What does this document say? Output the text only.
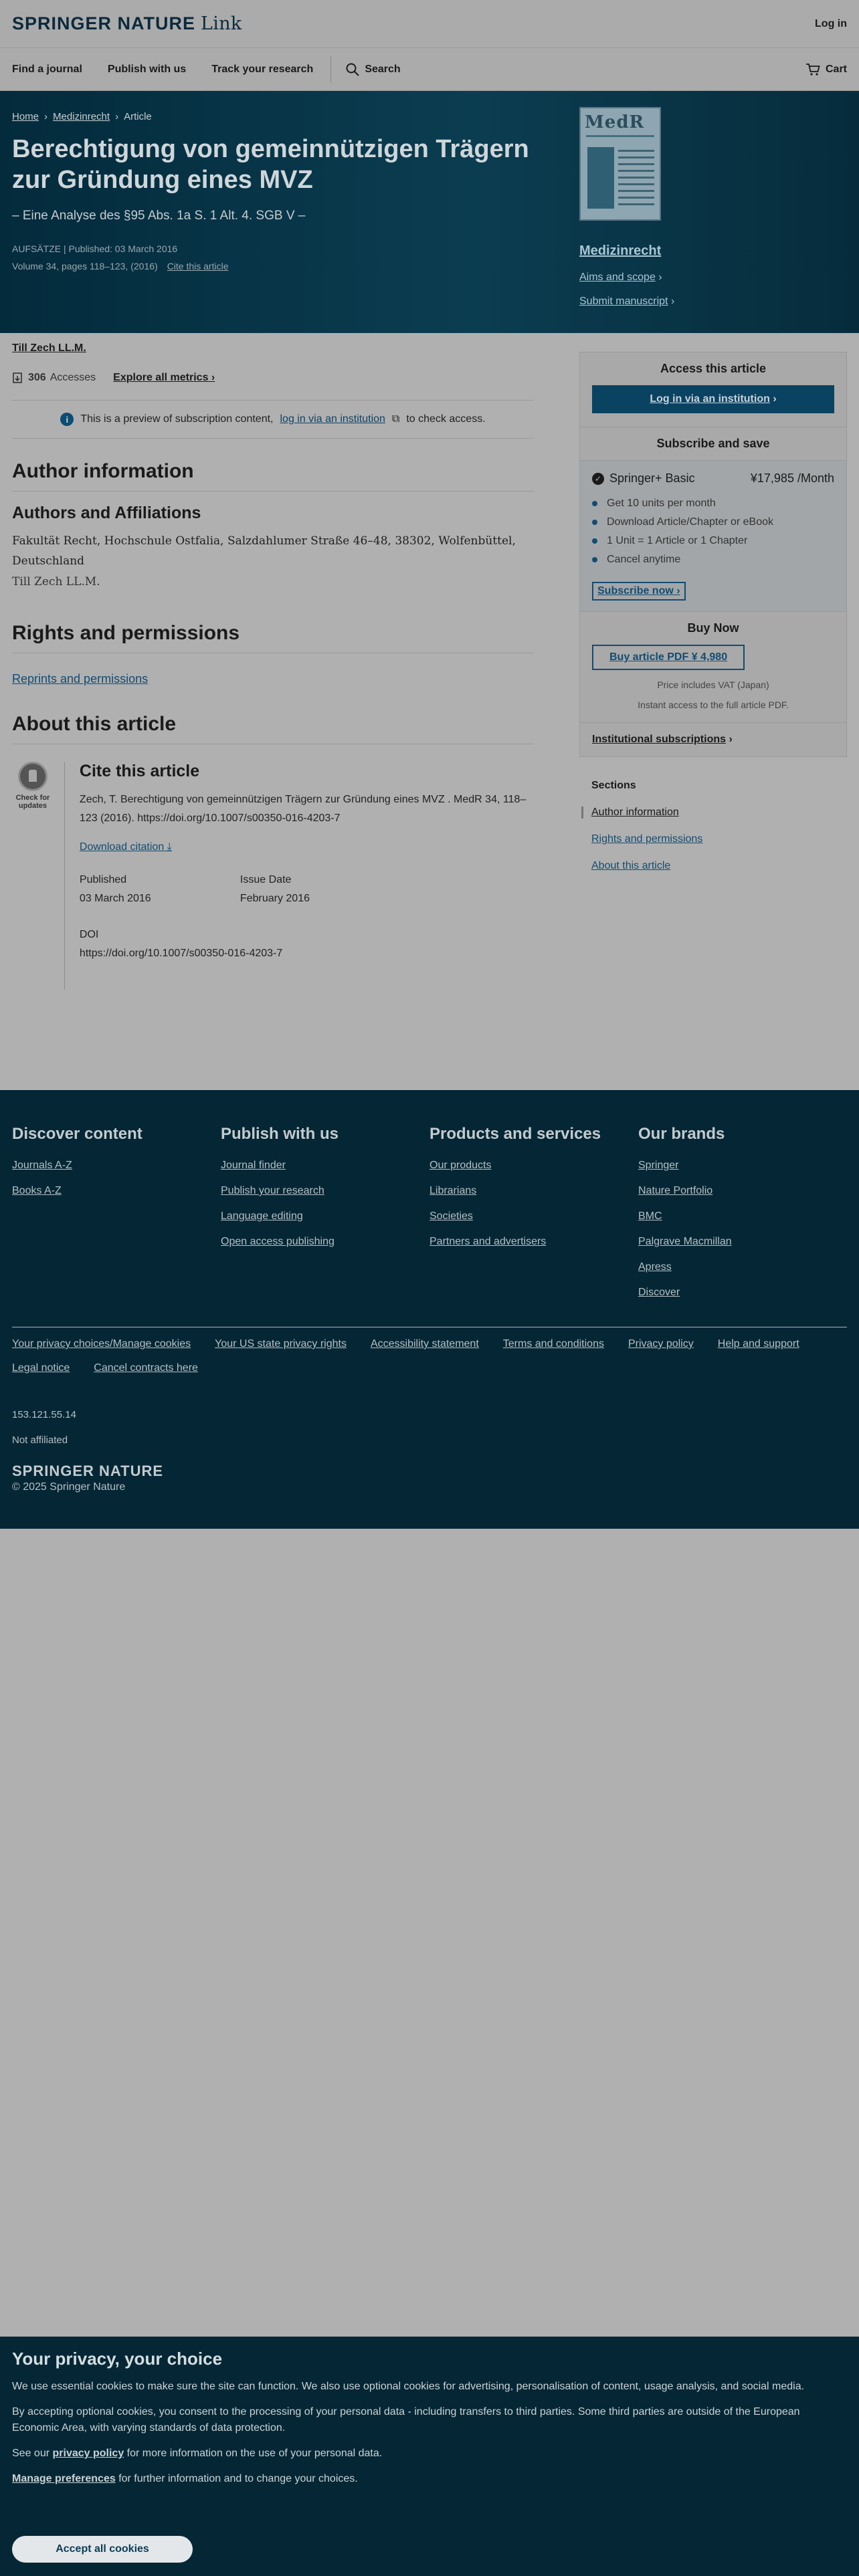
SPRINGER NATURE Link	Log in
Find a journal Publish with us Track your research	Search	Cart
Home › Medizinrecht › Article
Berechtigung von gemeinnützigen Trägern zur Gründung eines MVZ
– Eine Analyse des §95 Abs. 1a S. 1 Alt. 4. SGB V –
AUFSÄTZE | Published: 03 March 2016
Volume 34, pages 118–123, (2016) Cite this article
MedR
Medizinrecht
Aims and scope ›
Submit manuscript ›
Till Zech LL.M.
306 Accesses Explore all metrics ›
i	This is a preview of subscription content, log in via an institution ⧉ to check access.
Author information
Authors and Affiliations
Fakultät Recht, Hochschule Ostfalia, Salzdahlumer Straße 46–48, 38302, Wolfenbüttel, Deutschland
Till Zech LL.M.
Rights and permissions
Reprints and permissions
About this article
Check for
updates
Cite this article
Zech, T. Berechtigung von gemeinnützigen Trägern zur Gründung eines MVZ . MedR 34, 118–123 (2016). https://doi.org/10.1007/s00350-016-4203-7
Download citation ⤓
Published
03 March 2016
Issue Date
February 2016
DOI
https://doi.org/10.1007/s00350-016-4203-7
Access this article
Log in via an institution ›
Subscribe and save
✓ Springer+ Basic	¥17,985 /Month
Get 10 units per month
Download Article/Chapter or eBook
1 Unit = 1 Article or 1 Chapter
Cancel anytime
Subscribe now ›
Buy Now
Buy article PDF ¥ 4,980
Price includes VAT (Japan)
Instant access to the full article PDF.
Institutional subscriptions ›
Sections
Author information
Rights and permissions
About this article
Discover content
Journals A-Z
Books A-Z
Publish with us
Journal finder
Publish your research
Language editing
Open access publishing
Products and services
Our products
Librarians
Societies
Partners and advertisers
Our brands
Springer
Nature Portfolio
BMC
Palgrave Macmillan
Apress
Discover
Your privacy choices/Manage cookies Your US state privacy rights Accessibility statement Terms and conditions Privacy policy Help and support
Legal notice Cancel contracts here
153.121.55.14
Not affiliated
SPRINGER NATURE
© 2025 Springer Nature
Your privacy, your choice

We use essential cookies to make sure the site can function. We also use optional cookies for advertising, personalisation of content, usage analysis, and social media.

By accepting optional cookies, you consent to the processing of your personal data - including transfers to third parties. Some third parties are outside of the European Economic Area, with varying standards of data protection.

See our privacy policy for more information on the use of your personal data.

Manage preferences for further information and to change your choices.

Accept all cookies
